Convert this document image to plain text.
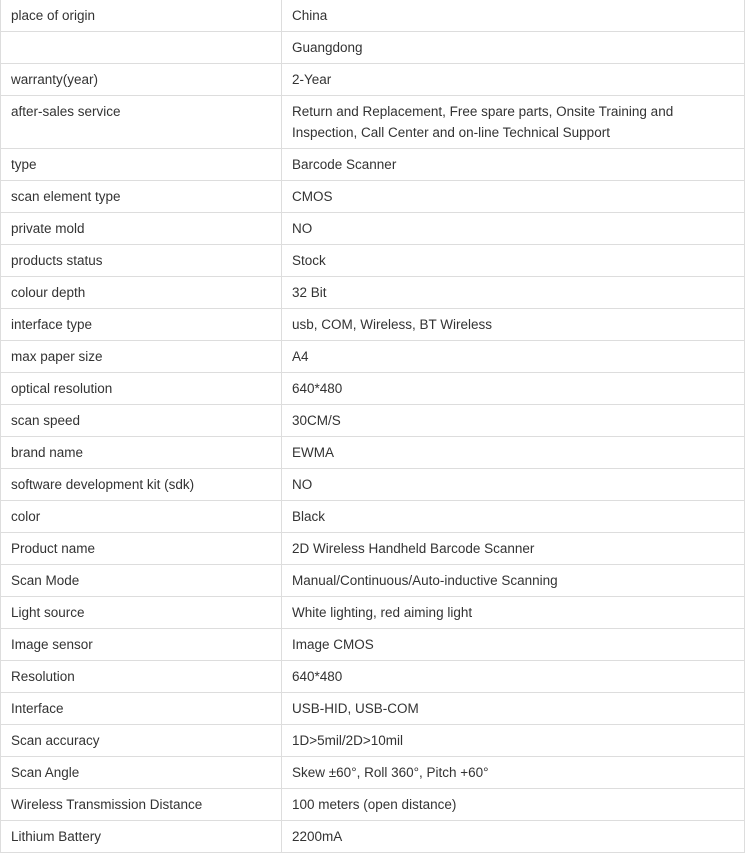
place of origin	China
	Guangdong
warranty(year)	2-Year
after-sales service	Return and Replacement, Free spare parts, Onsite Training and Inspection, Call Center and on-line Technical Support
type	Barcode Scanner
scan element type	CMOS
private mold	NO
products status	Stock
colour depth	32 Bit
interface type	usb, COM, Wireless, BT Wireless
max paper size	A4
optical resolution	640*480
scan speed	30CM/S
brand name	EWMA
software development kit (sdk)	NO
color	Black
Product name	2D Wireless Handheld Barcode Scanner
Scan Mode	Manual/Continuous/Auto-inductive Scanning
Light source	White lighting, red aiming light
Image sensor	Image CMOS
Resolution	640*480
Interface	USB-HID, USB-COM
Scan accuracy	1D>5mil/2D>10mil
Scan Angle	Skew ±60°, Roll 360°, Pitch +60°
Wireless Transmission Distance	100 meters (open distance)
Lithium Battery	2200mA
